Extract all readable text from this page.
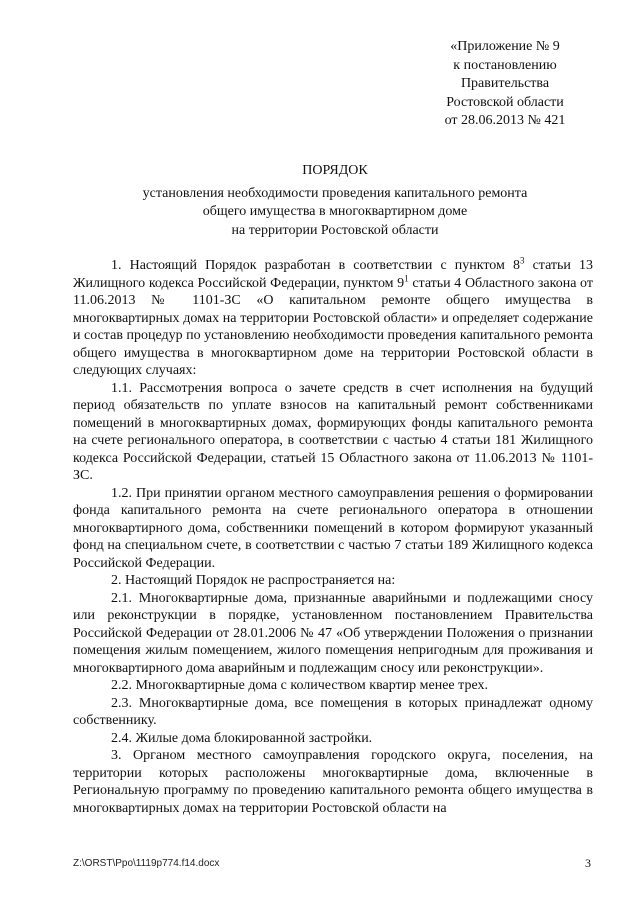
«Приложение № 9
к постановлению
Правительства
Ростовской области
от 28.06.2013 № 421
ПОРЯДОК
установления необходимости проведения капитального ремонта
общего имущества в многоквартирном доме
на территории Ростовской области

1. Настоящий Порядок разработан в соответствии с пунктом $8^3$ статьи 13 Жилищного кодекса Российской Федерации, пунктом $9^1$ статьи 4 Областного закона от 11.06.2013 № 1101-ЗС «О капитальном ремонте общего имущества в многоквартирных домах на территории Ростовской области» и определяет содержание и состав процедур по установлению необходимости проведения капитального ремонта общего имущества в многоквартирном доме на территории Ростовской области в следующих случаях:

1.1. Рассмотрения вопроса о зачете средств в счет исполнения на будущий период обязательств по уплате взносов на капитальный ремонт собственниками помещений в многоквартирных домах, формирующих фонды капитального ремонта на счете регионального оператора, в соответствии с частью 4 статьи 181 Жилищного кодекса Российской Федерации, статьей 15 Областного закона от 11.06.2013 № 1101-ЗС.

1.2. При принятии органом местного самоуправления решения о формировании фонда капитального ремонта на счете регионального оператора в отношении многоквартирного дома, собственники помещений в котором формируют указанный фонд на специальном счете, в соответствии с частью 7 статьи 189 Жилищного кодекса Российской Федерации.

2. Настоящий Порядок не распространяется на:

2.1. Многоквартирные дома, признанные аварийными и подлежащими сносу или реконструкции в порядке, установленном постановлением Правительства Российской Федерации от 28.01.2006 № 47 «Об утверждении Положения о признании помещения жилым помещением, жилого помещения непригодным для проживания и многоквартирного дома аварийным и подлежащим сносу или реконструкции».

2.2. Многоквартирные дома с количеством квартир менее трех.

2.3. Многоквартирные дома, все помещения в которых принадлежат одному собственнику.

2.4. Жилые дома блокированной застройки.

3. Органом местного самоуправления городского округа, поселения, на территории которых расположены многоквартирные дома, включенные в Региональную программу по проведению капитального ремонта общего имущества в многоквартирных домах на территории Ростовской области на

Z:\ORST\Ppo\1119p774.f14.docx	3
